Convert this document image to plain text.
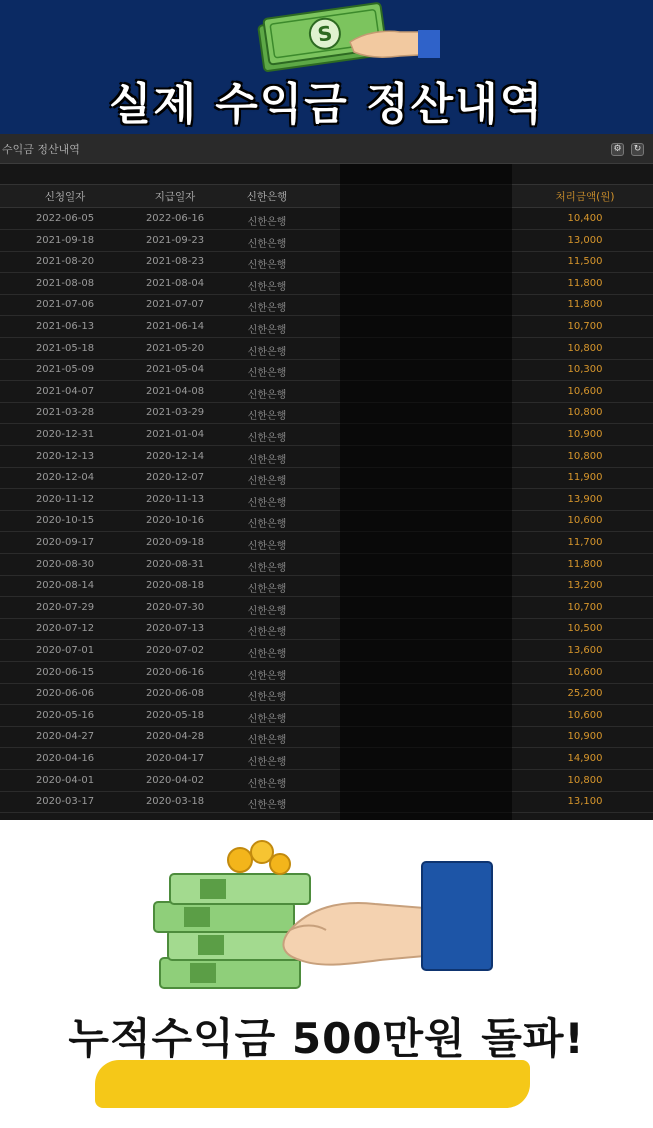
S
실제 수익금 정산내역
수익금 정산내역	⚙	↻
신청일자	지급일자	신한은행	처리금액(원)
2022-06-05	2022-06-16	신한은행	10,400
2021-09-18	2021-09-23	신한은행	13,000
2021-08-20	2021-08-23	신한은행	11,500
2021-08-08	2021-08-04	신한은행	11,800
2021-07-06	2021-07-07	신한은행	11,800
2021-06-13	2021-06-14	신한은행	10,700
2021-05-18	2021-05-20	신한은행	10,800
2021-05-09	2021-05-04	신한은행	10,300
2021-04-07	2021-04-08	신한은행	10,600
2021-03-28	2021-03-29	신한은행	10,800
2020-12-31	2021-01-04	신한은행	10,900
2020-12-13	2020-12-14	신한은행	10,800
2020-12-04	2020-12-07	신한은행	11,900
2020-11-12	2020-11-13	신한은행	13,900
2020-10-15	2020-10-16	신한은행	10,600
2020-09-17	2020-09-18	신한은행	11,700
2020-08-30	2020-08-31	신한은행	11,800
2020-08-14	2020-08-18	신한은행	13,200
2020-07-29	2020-07-30	신한은행	10,700
2020-07-12	2020-07-13	신한은행	10,500
2020-07-01	2020-07-02	신한은행	13,600
2020-06-15	2020-06-16	신한은행	10,600
2020-06-06	2020-06-08	신한은행	25,200
2020-05-16	2020-05-18	신한은행	10,600
2020-04-27	2020-04-28	신한은행	10,900
2020-04-16	2020-04-17	신한은행	14,900
2020-04-01	2020-04-02	신한은행	10,800
2020-03-17	2020-03-18	신한은행	13,100
누적수익금 500만원 돌파!
